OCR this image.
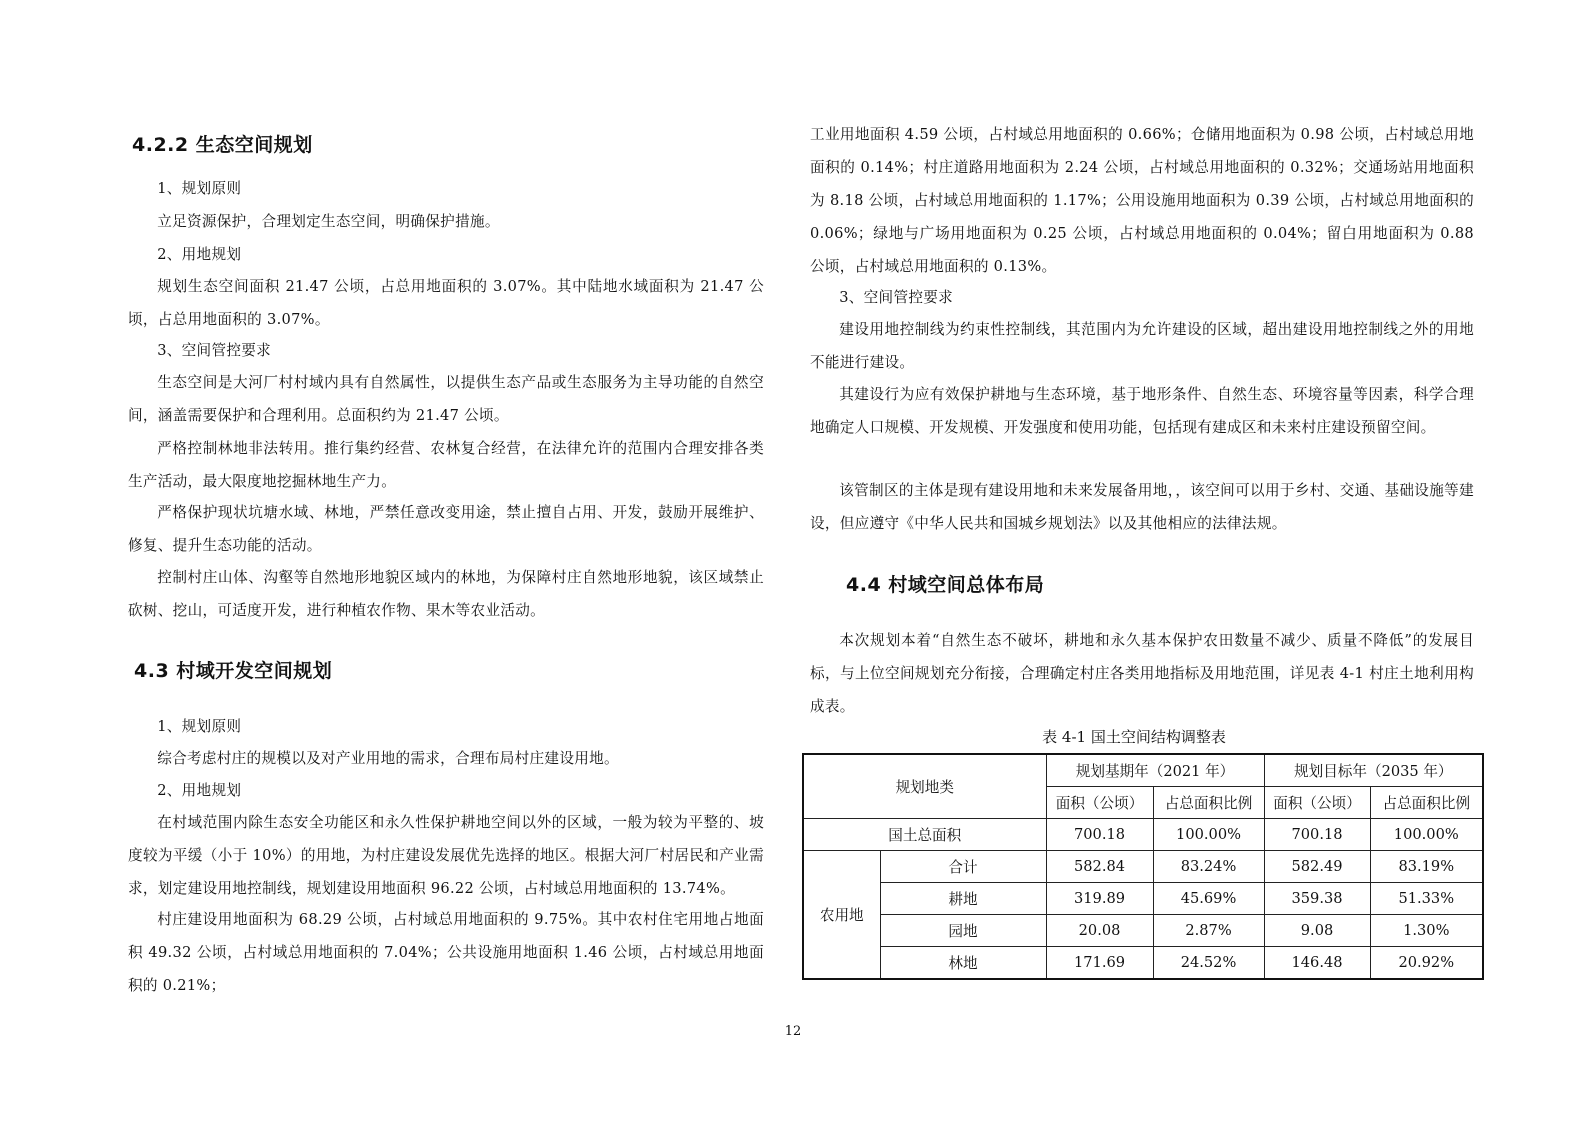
4.2.2 生态空间规划
1、规划原则
立足资源保护，合理划定生态空间，明确保护措施。
2、用地规划
规划生态空间面积 21.47 公顷，占总用地面积的 3.07%。其中陆地水域面积为 21.47 公顷，占总用地面积的 3.07%。
3、空间管控要求
生态空间是大河厂村村域内具有自然属性，以提供生态产品或生态服务为主导功能的自然空间，涵盖需要保护和合理利用。总面积约为 21.47 公顷。
严格控制林地非法转用。推行集约经营、农林复合经营，在法律允许的范围内合理安排各类生产活动，最大限度地挖掘林地生产力。
严格保护现状坑塘水域、林地，严禁任意改变用途，禁止擅自占用、开发，鼓励开展维护、修复、提升生态功能的活动。
控制村庄山体、沟壑等自然地形地貌区域内的林地，为保障村庄自然地形地貌，该区域禁止砍树、挖山，可适度开发，进行种植农作物、果木等农业活动。
4.3 村域开发空间规划
1、规划原则
综合考虑村庄的规模以及对产业用地的需求，合理布局村庄建设用地。
2、用地规划
在村域范围内除生态安全功能区和永久性保护耕地空间以外的区域，一般为较为平整的、坡度较为平缓（小于 10%）的用地，为村庄建设发展优先选择的地区。根据大河厂村居民和产业需求，划定建设用地控制线，规划建设用地面积 96.22 公顷，占村域总用地面积的 13.74%。
村庄建设用地面积为 68.29 公顷，占村域总用地面积的 9.75%。其中农村住宅用地占地面积 49.32 公顷，占村域总用地面积的 7.04%；公共设施用地面积 1.46 公顷，占村域总用地面积的 0.21%；
工业用地面积 4.59 公顷，占村域总用地面积的 0.66%；仓储用地面积为 0.98 公顷，占村域总用地面积的 0.14%；村庄道路用地面积为 2.24 公顷，占村域总用地面积的 0.32%；交通场站用地面积为 8.18 公顷，占村域总用地面积的 1.17%；公用设施用地面积为 0.39 公顷，占村域总用地面积的 0.06%；绿地与广场用地面积为 0.25 公顷，占村域总用地面积的 0.04%；留白用地面积为 0.88 公顷，占村域总用地面积的 0.13%。
3、空间管控要求
建设用地控制线为约束性控制线，其范围内为允许建设的区域，超出建设用地控制线之外的用地不能进行建设。
其建设行为应有效保护耕地与生态环境，基于地形条件、自然生态、环境容量等因素，科学合理地确定人口规模、开发规模、开发强度和使用功能，包括现有建成区和未来村庄建设预留空间。
该管制区的主体是现有建设用地和未来发展备用地，，该空间可以用于乡村、交通、基础设施等建设，但应遵守《中华人民共和国城乡规划法》以及其他相应的法律法规。
4.4 村域空间总体布局
本次规划本着“自然生态不破坏，耕地和永久基本保护农田数量不减少、质量不降低”的发展目标，与上位空间规划充分衔接，合理确定村庄各类用地指标及用地范围，详见表 4-1 村庄土地利用构成表。
表 4-1 国土空间结构调整表
规划地类		规划基期年（2021 年）		规划目标年（2035 年）	
		面积（公顷）	占总面积比例	面积（公顷）	占总面积比例
国土总面积		700.18	100.00%	700.18	100.00%
农用地	合计	582.84	83.24%	582.49	83.19%
	耕地	319.89	45.69%	359.38	51.33%
	园地	20.08	2.87%	9.08	1.30%
	林地	171.69	24.52%	146.48	20.92%
12
